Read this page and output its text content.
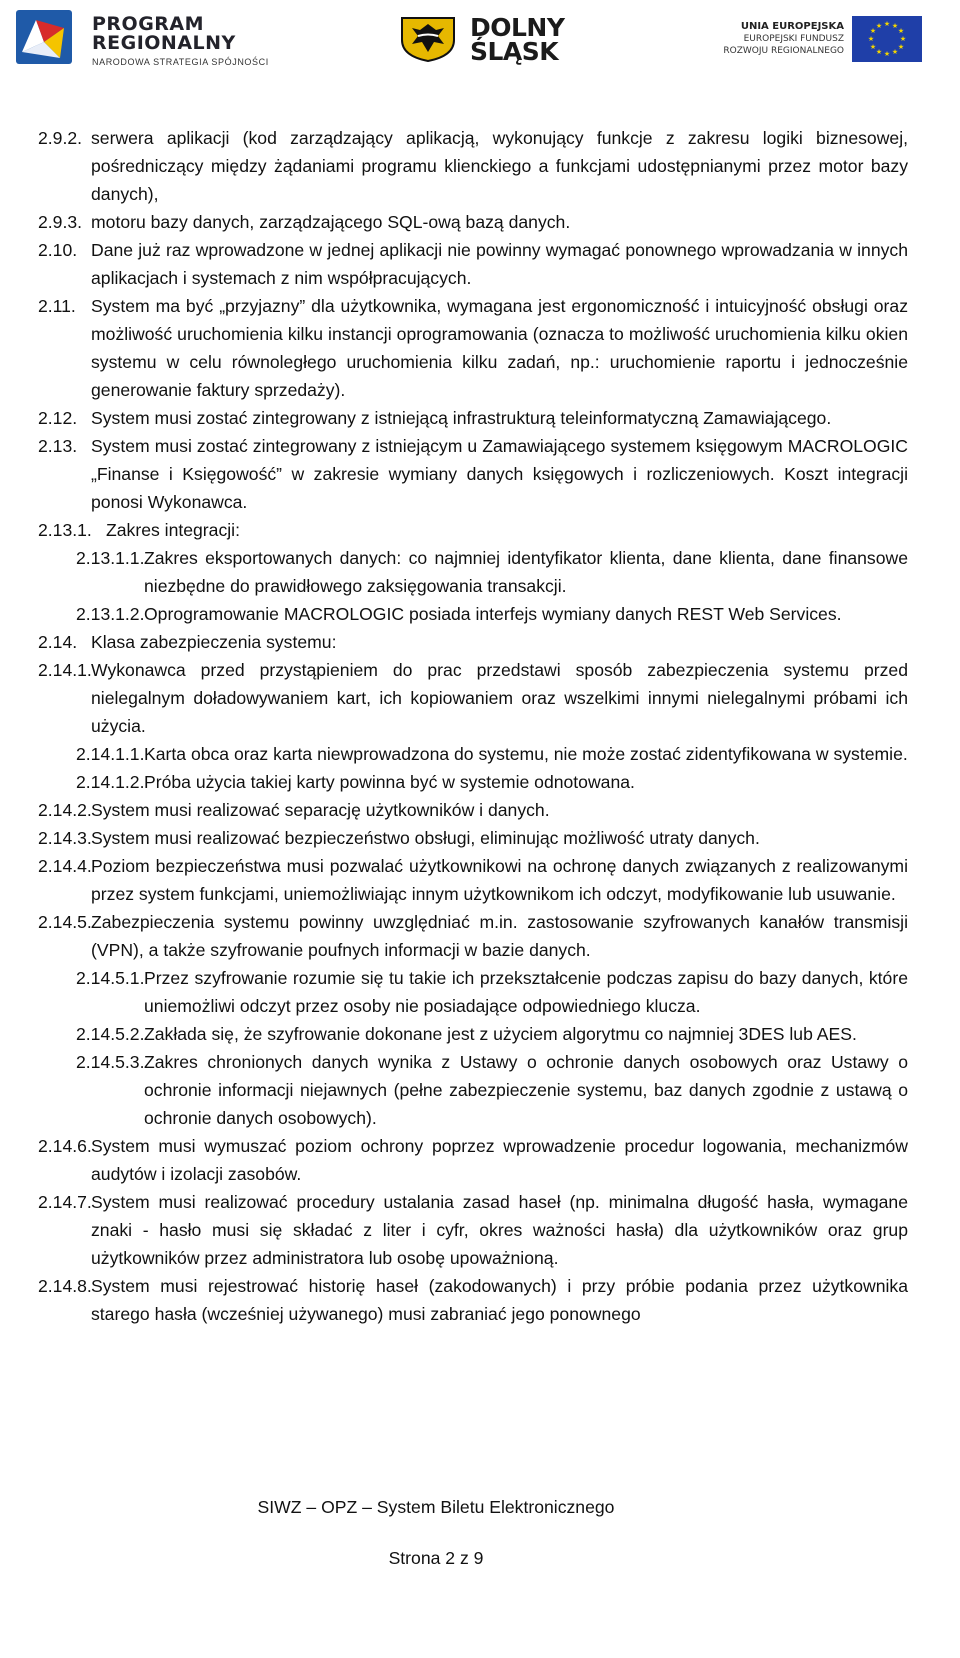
PROGRAM
REGIONALNY
NARODOWA STRATEGIA SPÓJNOŚCI
DOLNY
ŚLĄSK
UNIA EUROPEJSKA
EUROPEJSKI FUNDUSZ
ROZWOJU REGIONALNEGO
★ ★
★
★
★
★
★
★
★
★
★
★

2.9.2. serwera aplikacji (kod zarządzający aplikacją, wykonujący funkcje z zakresu logiki biznesowej, pośredniczący między żądaniami programu klienckiego a funkcjami udostępnianymi przez motor bazy danych),

2.9.3. motoru bazy danych, zarządzającego SQL-ową bazą danych.

2.10. Dane już raz wprowadzone w jednej aplikacji nie powinny wymagać ponownego wprowadzania w innych aplikacjach i systemach z nim współpracujących.

2.11. System ma być „przyjazny” dla użytkownika, wymagana jest ergonomiczność i intuicyjność obsługi oraz możliwość uruchomienia kilku instancji oprogramowania (oznacza to możliwość uruchomienia kilku okien systemu w celu równoległego uruchomienia kilku zadań, np.: uruchomienie raportu i jednocześnie generowanie faktury sprzedaży).

2.12. System musi zostać zintegrowany z istniejącą infrastrukturą teleinformatyczną Zamawiającego.

2.13. System musi zostać zintegrowany z istniejącym u Zamawiającego systemem księgowym MACROLOGIC „Finanse i Księgowość” w zakresie wymiany danych księgowych i rozliczeniowych. Koszt integracji ponosi Wykonawca.

2.13.1. Zakres integracji:

2.13.1.1. Zakres eksportowanych danych: co najmniej identyfikator klienta, dane klienta, dane finansowe niezbędne do prawidłowego zaksięgowania transakcji.

2.13.1.2. Oprogramowanie MACROLOGIC posiada interfejs wymiany danych REST Web Services.

2.14. Klasa zabezpieczenia systemu:

2.14.1. Wykonawca przed przystąpieniem do prac przedstawi sposób zabezpieczenia systemu przed nielegalnym doładowywaniem kart, ich kopiowaniem oraz wszelkimi innymi nielegalnymi próbami ich użycia.

2.14.1.1. Karta obca oraz karta niewprowadzona do systemu, nie może zostać zidentyfikowana w systemie.

2.14.1.2. Próba użycia takiej karty powinna być w systemie odnotowana.

2.14.2. System musi realizować separację użytkowników i danych.

2.14.3. System musi realizować bezpieczeństwo obsługi, eliminując możliwość utraty danych.

2.14.4. Poziom bezpieczeństwa musi pozwalać użytkownikowi na ochronę danych związanych z realizowanymi przez system funkcjami, uniemożliwiając innym użytkownikom ich odczyt, modyfikowanie lub usuwanie.

2.14.5. Zabezpieczenia systemu powinny uwzględniać m.in. zastosowanie szyfrowanych kanałów transmisji (VPN), a także szyfrowanie poufnych informacji w bazie danych.

2.14.5.1. Przez szyfrowanie rozumie się tu takie ich przekształcenie podczas zapisu do bazy danych, które uniemożliwi odczyt przez osoby nie posiadające odpowiedniego klucza.

2.14.5.2. Zakłada się, że szyfrowanie dokonane jest z użyciem algorytmu co najmniej 3DES lub AES.

2.14.5.3. Zakres chronionych danych wynika z Ustawy o ochronie danych osobowych oraz Ustawy o ochronie informacji niejawnych (pełne zabezpieczenie systemu, baz danych zgodnie z ustawą o ochronie danych osobowych).

2.14.6. System musi wymuszać poziom ochrony poprzez wprowadzenie procedur logowania, mechanizmów audytów i izolacji zasobów.

2.14.7. System musi realizować procedury ustalania zasad haseł (np. minimalna długość hasła, wymagane znaki - hasło musi się składać z liter i cyfr, okres ważności hasła) dla użytkowników oraz grup użytkowników przez administratora lub osobę upoważnioną.

2.14.8. System musi rejestrować historię haseł (zakodowanych) i przy próbie podania przez użytkownika starego hasła (wcześniej używanego) musi zabraniać jego ponownego

SIWZ – OPZ – System Biletu Elektronicznego
Strona 2 z 9
